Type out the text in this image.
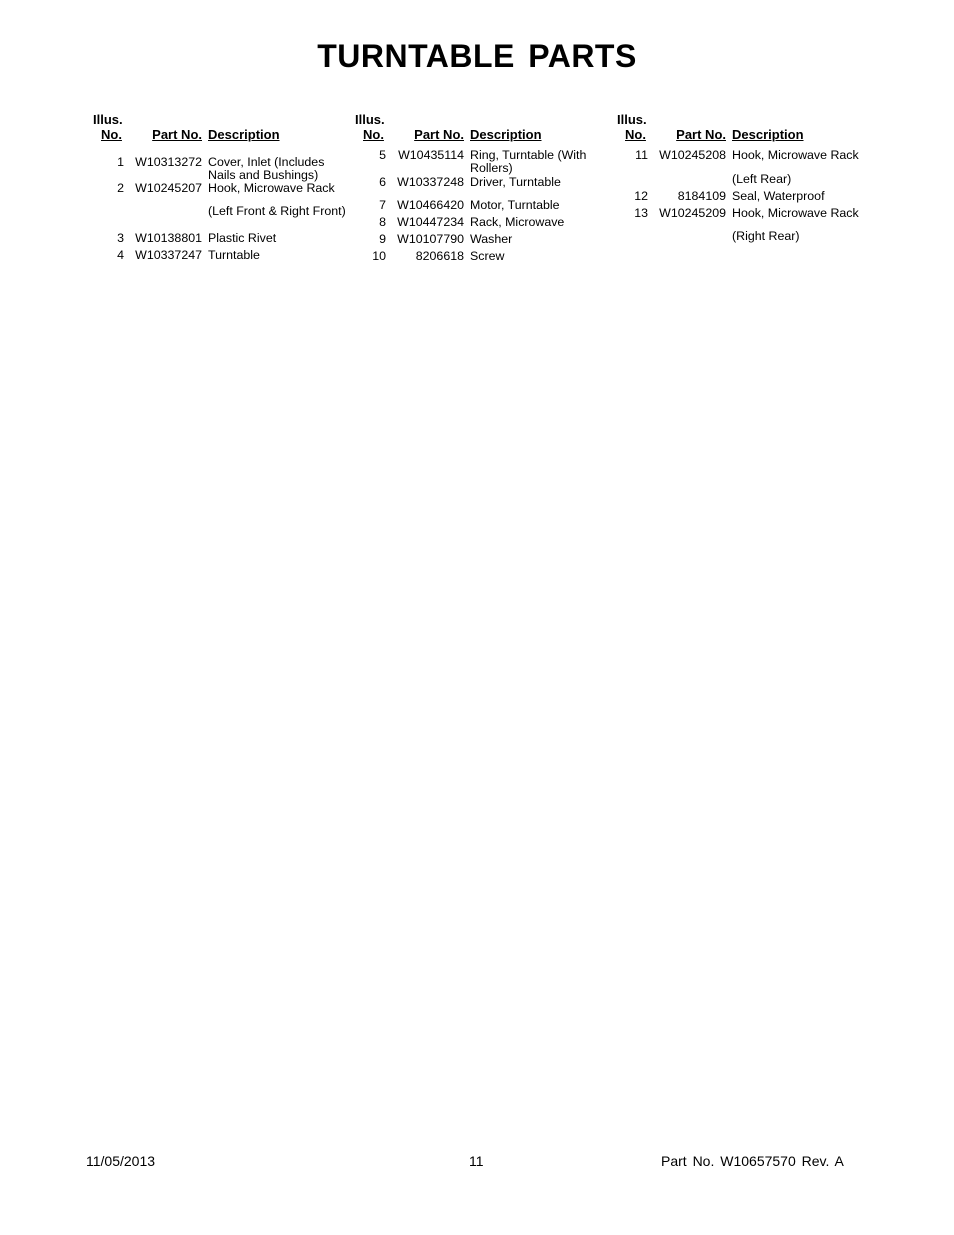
TURNTABLE PARTS
Illus.
No. Part No. Description
1 W10313272 Cover, Inlet (Includes Nails and Bushings)
2 W10245207 Hook, Microwave Rack
(Left Front & Right Front)
3 W10138801 Plastic Rivet
4 W10337247 Turntable
Illus.
No. Part No. Description
5 W10435114 Ring, Turntable (With Rollers)
6 W10337248 Driver, Turntable
7 W10466420 Motor, Turntable
8 W10447234 Rack, Microwave
9 W10107790 Washer
10	8206618 Screw
Illus.
No. Part No. Description
11 W10245208 Hook, Microwave Rack
(Left Rear)
12	8184109 Seal, Waterproof
13 W10245209 Hook, Microwave Rack
(Right Rear)
11/05/2013	11	Part No. W10657570 Rev. A
